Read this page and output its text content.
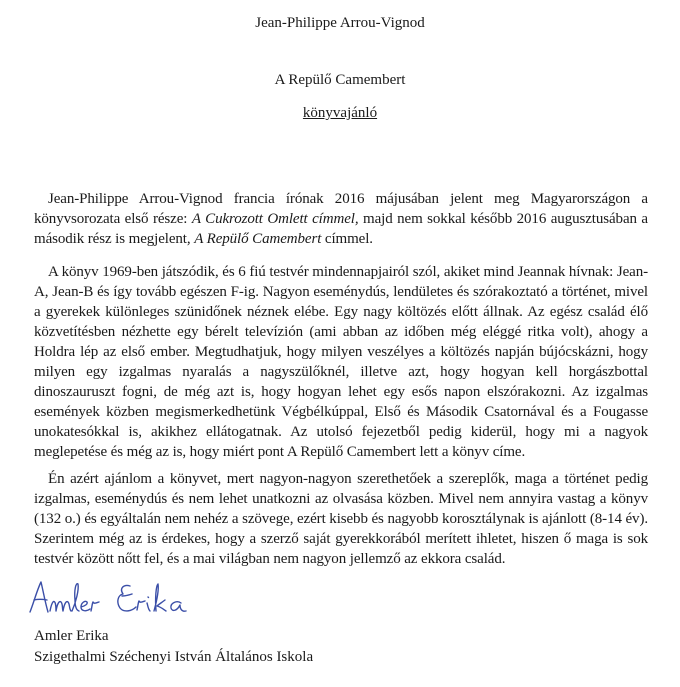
Jean-Philippe Arrou-Vignod
A Repülő Camembert
könyvajánló

Jean-Philippe Arrou-Vignod francia írónak 2016 májusában jelent meg Magyarországon a könyvsorozata első része: A Cukrozott Omlett címmel, majd nem sokkal később 2016 augusztusában a második rész is megjelent, A Repülő Camembert címmel.

A könyv 1969-ben játszódik, és 6 fiú testvér mindennapjairól szól, akiket mind Jeannak hívnak: Jean-A, Jean-B és így tovább egészen F-ig. Nagyon eseménydús, lendületes és szórakoztató a történet, mivel a gyerekek különleges szünidőnek néznek elébe. Egy nagy költözés előtt állnak. Az egész család élő közvetítésben nézhette egy bérelt televízión (ami abban az időben még eléggé ritka volt), ahogy a Holdra lép az első ember. Megtudhatjuk, hogy milyen veszélyes a költözés napján bújócskázni, hogy milyen egy izgalmas nyaralás a nagyszülőknél, illetve azt, hogy hogyan kell horgászbottal dinoszauruszt fogni, de még azt is, hogy hogyan lehet egy esős napon elszórakozni. Az izgalmas események közben megismerkedhetünk Végbélkúppal, Első és Második Csatornával és a Fougasse unokatesókkal is, akikhez ellátogatnak. Az utolsó fejezetből pedig kiderül, hogy mi a nagyok meglepetése és még az is, hogy miért pont A Repülő Camembert lett a könyv címe.

Én azért ajánlom a könyvet, mert nagyon-nagyon szerethetőek a szereplők, maga a történet pedig izgalmas, eseménydús és nem lehet unatkozni az olvasása közben. Mivel nem annyira vastag a könyv (132 o.) és egyáltalán nem nehéz a szövege, ezért kisebb és nagyobb korosztálynak is ajánlott (8-14 év). Szerintem még az is érdekes, hogy a szerző saját gyerekkorából merített ihletet, hiszen ő maga is sok testvér között nőtt fel, és a mai világban nem nagyon jellemző az ekkora család.

Amler Erika
Szigethalmi Széchenyi István Általános Iskola
